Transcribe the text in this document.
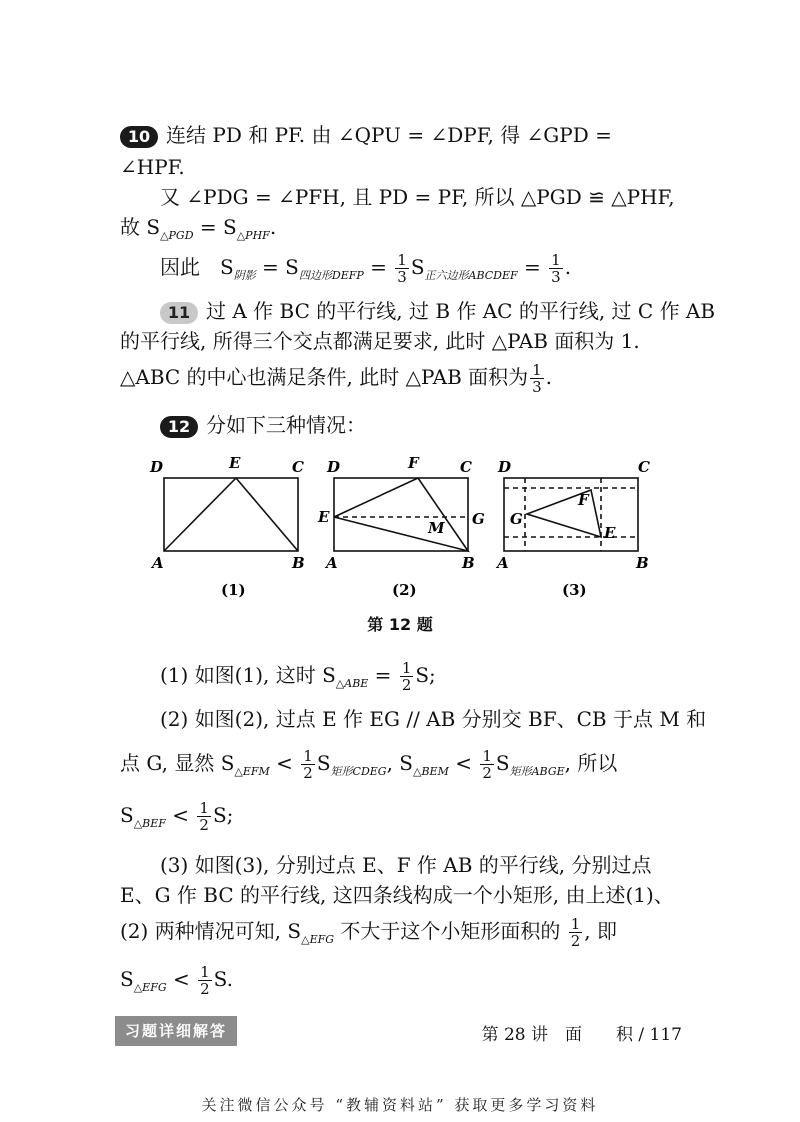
10 连结 PD 和 PF. 由 ∠QPU = ∠DPF, 得 ∠GPD =
∠HPF.
又 ∠PDG = ∠PFH, 且 PD = PF, 所以 △PGD ≌ △PHF,
故 $S_{\triangle PGD} = S_{\triangle PHF}$.
因此　$S_{阴影} = S_{四边形DEFP} = \frac{1}{3} S_{正六边形ABCDEF} = \frac{1}{3}$ .
11 过 A 作 BC 的平行线, 过 B 作 AC 的平行线, 过 C 作 AB
的平行线, 所得三个交点都满足要求, 此时 △PAB 面积为 1.
△ABC 的中心也满足条件, 此时 △PAB 面积为 $\frac{1}{3}$ .
12 分如下三种情况：
D	E	C
A	B
(1)
D	F	C
E	G
M
A	B
(2)
D	C
F
G
E
A	B
(3)
第 12 题
(1) 如图(1), 这时 $S_{\triangle ABE} = \frac{1}{2} S$;
(2) 如图(2), 过点 E 作 EG // AB 分别交 BF、CB 于点 M 和
点 G, 显然 $S_{\triangle EFM} < \frac{1}{2} S_{矩形CDEG}$, $S_{\triangle BEM} < \frac{1}{2} S_{矩形ABGE}$, 所以
$S_{\triangle BEF} < \frac{1}{2} S$;
(3) 如图(3), 分别过点 E、F 作 AB 的平行线, 分别过点
E、G 作 BC 的平行线, 这四条线构成一个小矩形, 由上述(1)、
(2) 两种情况可知, $S_{\triangle EFG}$ 不大于这个小矩形面积的 $\frac{1}{2}$ , 即
$S_{\triangle EFG} < \frac{1}{2} S$.
习题详细解答	第 28 讲　面　　积 / 117
关注微信公众号 “教辅资料站” 获取更多学习资料
